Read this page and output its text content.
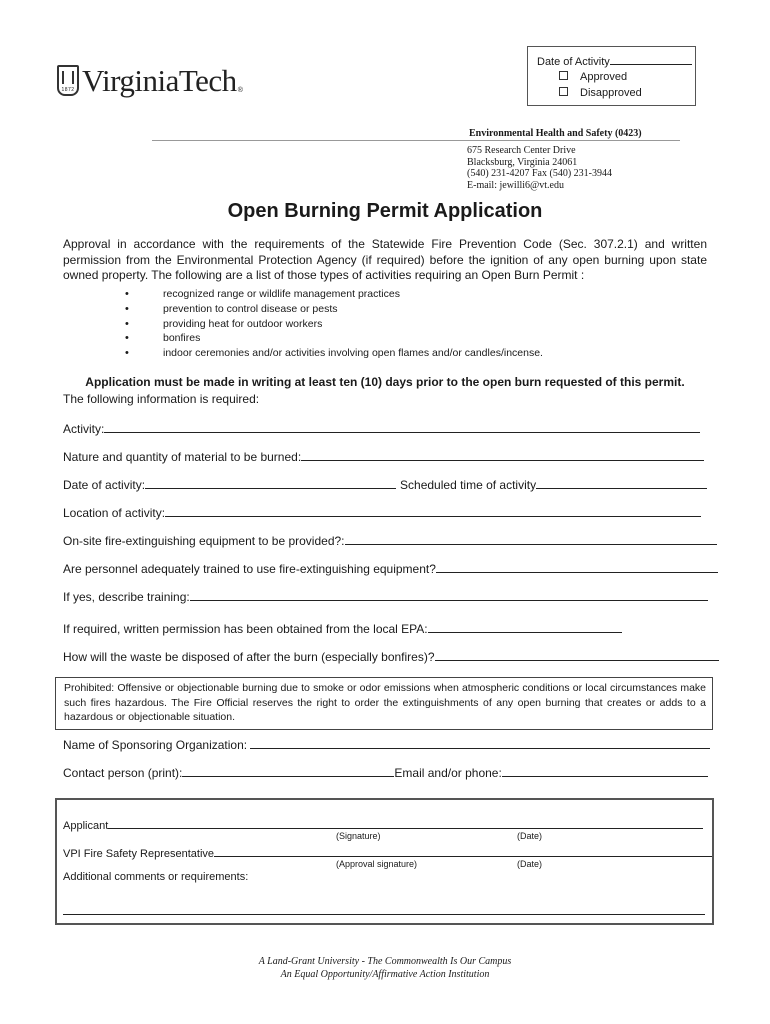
1872 VirginiaTech ®
Date of Activity
Approved
Disapproved
Environmental Health and Safety (0423)
675 Research Center Drive
Blacksburg, Virginia 24061
(540) 231-4207 Fax (540) 231-3944
E-mail: jewilli6@vt.edu
Open Burning Permit Application
Approval in accordance with the requirements of the Statewide Fire Prevention Code (Sec. 307.2.1) and written permission from the Environmental Protection Agency (if required) before the ignition of any open burning upon state owned property. The following are a list of those types of activities requiring an Open Burn Permit :
• recognized range or wildlife management practices
• prevention to control disease or pests
• providing heat for outdoor workers
• bonfires
• indoor ceremonies and/or activities involving open flames and/or candles/incense.
Application must be made in writing at least ten (10) days prior to the open burn requested of this permit.
The following information is required:
Activity:
Nature and quantity of material to be burned:
Date of activity:	Scheduled time of activity
Location of activity:
On-site fire-extinguishing equipment to be provided?:
Are personnel adequately trained to use fire-extinguishing equipment?
If yes, describe training:
If required, written permission has been obtained from the local EPA:
How will the waste be disposed of after the burn (especially bonfires)?
Prohibited: Offensive or objectionable burning due to smoke or odor emissions when atmospheric conditions or local circumstances make such fires hazardous. The Fire Official reserves the right to order the extinguishments of any open burning that creates or adds to a hazardous or objectionable situation.
Name of Sponsoring Organization:
Contact person (print):	Email and/or phone:
Applicant
(Signature)	(Date)
VPI Fire Safety Representative
(Approval signature)	(Date)
Additional comments or requirements:
A Land-Grant University - The Commonwealth Is Our Campus
An Equal Opportunity/Affirmative Action Institution
